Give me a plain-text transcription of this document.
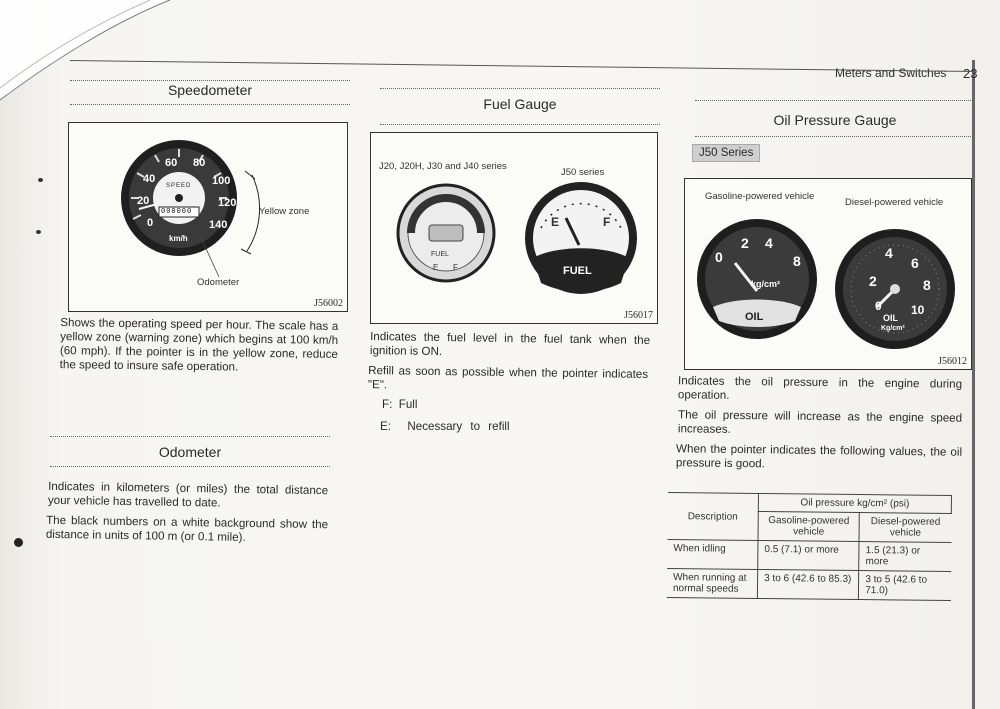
Meters and Switches 23
Speedometer
60 80
40	100
20	120
0	140
SPEED
000000
km/h
Yellow zone
Odometer
J56002
Shows the operating speed per hour. The scale has a yellow zone (warning zone) which begins at 100 km/h (60 mph). If the pointer is in the yellow zone, reduce the speed to insure safe operation.
Odometer
Indicates in kilometers (or miles) the total distance your vehicle has travelled to date.
The black numbers on a white background show the distance in units of 100 m (or 0.1 mile).
Fuel Gauge
J20, J20H, J30 and J40 series
J50 series
FUEL
E F
E	F
FUEL
J56017
Indicates the fuel level in the fuel tank when the ignition is ON.
Refill as soon as possible when the pointer indicates "E".
F: Full
E: Necessary to refill
Oil Pressure Gauge
J50 Series
Gasoline-powered vehicle
Diesel-powered vehicle
0
2 4
8
kg/cm²
OIL
0
2
4
6
8
10
OIL
Kg/cm²
J56012
Indicates the oil pressure in the engine during operation.
The oil pressure will increase as the engine speed increases.
When the pointer indicates the following values, the oil pressure is good.
Description	Oil pressure kg/cm² (psi)	
	Gasoline-powered vehicle	Diesel-powered vehicle
When idling	0.5 (7.1) or more	1.5 (21.3) or more
When running at normal speeds	3 to 6 (42.6 to 85.3)	3 to 5 (42.6 to 71.0)
